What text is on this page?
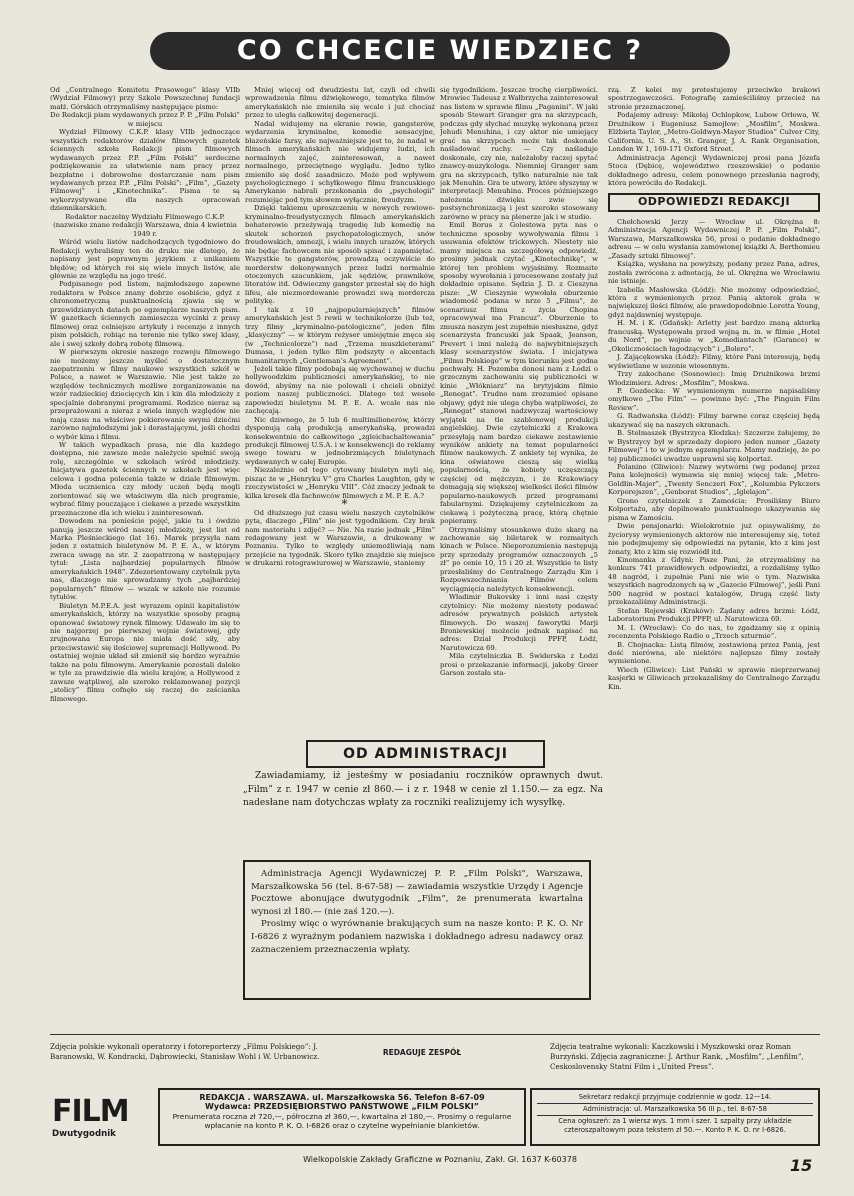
CO CHCECIE WIEDZIEC ?

Od „Centralnego Komitetu Prasowego” klasy VIIb (Wydział Filmowy) przy Szkole Powszechnej fundacji małż. Górskich otrzymaliśmy następujące pismo:

Do Redakcji pism wydawanych przez P. P. „Film Polski” w miejscu

Wydział Filmowy C.K.P. klasy VIIb jednoczące wszystkich redaktorów działów filmowych gazetek ściennych szkoła Redakcji pism filmowych wydawanych przez P.P. „Film Polski” serdeczne podziękowanie za ułatwienie nam pracy przez bezpłatne i dobrowolne dostarczanie nam pism wydawanych przez P.P. „Film Polski”: „Film”, „Gazety Filmowej” i „Kinotechnika”. Pisma te są wykorzystywane dla naszych opracowań dziennikarskich.

Redaktor naczelny Wydziału Filmowego C.K.P. (nazwisko znane redakcji) Warszawa, dnia 4 kwietnia 1949 r.

Wśród wielu listów nadchodzących tygodniowo do Redakcji wybraliśmy ten do druku nie dlatego, że napisany jest poprawnym językiem z unikaniem błędów; od których roi się wiele innych listów, ale głównie ze względu na jego treść.

Podpisanego pod listem, najmłodszego zapewne redaktora w Polsce znany dobrze osobiście, gdyż z chronometryczną punktualnością zjawia się w przewidzianych datach po egzemplarze naszych pism. W gazetkach ściennych zamieszcza wycinki z prasy filmowej oraz celniejsze artykuły i recenzje z innych pism polskich, robiąc na terenie nie tylko swej klasy, ale i swej szkoły dobrą robotę filmową.

W pierwszym okresie naszego rozwoju filmowego nie możemy jeszcze myśleć o dostatecznym zaopatrzeniu w filmy naukowe wszystkich szkół w Polsce, a nawet w Warszawie. Nie jest także ze względów technicznych możliwe zorganizowanie na wzór radzieckiej dziecięcych kin i kin dla młodzieży z specjalnie dobranymi programami. Rodzice nieraz są przeprażowani a nieraz z wiela innych względów nie mają czasu na właściwe pokierowanie swymi dziećmi zarówno najmłodszymi jak i dorastającymi, jeśli chodzi o wybór kina i filmu.

W takich wypadkach prasa, nie dla każdego dostępna, nie zawsze może należycie spełnić swoją rolę, szczególnie w szkołach wśród młodzieży. Inicjatywa gazetek ściennych w szkołach jest więc celowa i godna polecenia także w dziale filmowym. Młoda ucznienica czy młody uczeń będą mogli zorientować się we właściwym dla nich programie, wybrać filmy pouczające i ciekawe a przede wszystkim przeznaczone dla ich wieku i zainteresowań.

Dowodem na ponieście pojęć, jakie tu i ówdzie panują jeszcze wśród naszej młodzieży, jest list od Marka Pleśnieckiego (lat 16). Marek przysyła nam jeden z ostatnich biuletynów M. P. E. A., w którym zwraca uwagę na str. 2 zaopatrzoną w następujący tytuł: „Lista najbardziej popularnych filmów amerykańskich 1948”. Zdezorientowany czytelnik pyta nas, dlaczego nie sprowadzamy tych „najbardziej popularnych” filmów — wszak w szkole nie rozumie tytułów.

Biuletyn M.P.E.A. jest wyrazem opinii kapitalistów amerykańskich, którzy na wszystkie sposoby pragną opanować światowy rynek filmowy. Udawało im się to nie najgorzej po pierwszej wojnie światowej, gdy zrujnowana Europa nie miała dość siły, aby przeciwstawić się ilościowej supremacji Hollywood. Po ostatniej wojnie układ sił zmienił się bardzo wyraźnie także na polu filmowym. Amerykanie pozostali daleko w tyle za prawdziwie dla wielu krajów, a Hollywood z zawsze wątpliwej, ale szeroko reklamowanej pozycji „stolicy” filmu cofnęło się raczej do zaścianka filmowego.

Mniej więcej od dwudziestu lat, czyli od chwili wprowadzenia filmu dźwiękowego, tematyka filmów amerykańskich nie zmieniła się wcale i już chociaż przez to uległa całkowitej degeneracji.

Nadal widujemy na ekranie rewie, gangsterów, wydarzenia kryminalne, komedie sensacyjne, błazeńskie farsy, ale najważniejsze jest to, że nadal w filmach amerykańskich nie widujemy ludzi, ich normalnych zajęć, zainteresowań, a nawet normalnego, przeciętnego wyglądu. Jedno tylko zmieniło się dość zasadniczo. Może pod wpływem psychologicznego i schyłkowego filmu francuskiego Amerykanie nabrali przekonania do „psychologii” rozumiejąc pod tym słowem wyłącznie, freudyzm.

Dzięki takiemu uproszczeniu w nowych rewiowo-kryminalno-freudystycznych filmach amerykańskich bohaterowie przeżywają tragedię lub komedię na skutek schorzeń psychopatologicznych, snów freudowskich, amnezji, i wielu innych urazów, których nie będąc fachowcem nie sposób spisać i zapamiętać. Wszystkie te gangsterów, prowadzą oczywiście do morderstw dokonywanych przez ludzi normalnie otoczonych szacunkiem, jak sędziów, prawników, literatów itd. Odwieczny gangster przestał się do high lifeu, ale niezmordowanie prowadzi swą mordercza politykę.

I tak z 10 „najpopularniejszych” filmów amerykańskich jest 5 rewii w technikolorze (lub też, trzy filmy „kryminalno-patologiczne”, jeden film „klasyczny” — w którym reżyser umiejętnie znęca się (w „Technicolorze”) nad „Trzema muszkieterami” Dumasa, i jeden tylko film podszyty o akcentach humanitarnych „Gentleman’s Agreement”.

Jeżeli takie filmy podobają się wychowanej w duchu hollywoodzkim publiczności amerykańskiej, to nie dowód, abyśmy na nie polowali i chcieli obniżyć poziom naszej publiczności. Dlatego też wesołe zapowiedzi biuletynu M. P. E. A. wcale nas nie zachęcają.

Nic dziwnego, że 5 lub 6 multimilionerów, którzy dysponują całą produkcją amerykańską, prowadzi konsekwentnie do całkowitego „zgleichschaltowania” produkcji filmowej U.S.A. i w konsekwencji do reklamy swego towaru w jednobrzmiących biuletynach wydawanych w całej Europie.

Niezależnie od tego cytowany biuletyn myli się, pisząc że w „Henryku V” gra Charles Laughton, gdy w rzeczywistości w „Henryku VIII”. Cóż znaczy jednak te kilka kresek dla fachowców filmowych z M. P. E. A.?

*

Od dłuższego już czasu wielu naszych czytelników pyta, dlaczego „Film” nie jest tygodnikiem. Czy brak nam materiału i zdjęć? — Nie. Na razie jednak „Film” redagowany jest w Warszawie, a drukowany w Poznaniu. Tylko te względy uniemożliwiają nam przejście na tygodnik. Skoro tylko znajdzie się miejsce w drukarni rotograwiurowej w Warszawie, staniemy

się tygodnikiem. Jeszcze trochę cierpliwości. Mrowiec Tadeusz z Wałbrzycha zainteresował nas listem w sprawie filmu „Paganini”. W jaki sposób Stewart Granger gra na skrzypcach, podczas gdy słychać muzykę wykonaną przez Jehudi Menuhina, i czy aktor nie umiejący grać na skrzypcach może tak doskonale naśladować ruchy. — Czy naśladuje doskonale, czy nie, należałoby raczej spytać znawcy-muzykologa. Niemniej Granger sam gra na skrzypcach, tylko naturalnie nie tak jak Menuhin. Gra te utwory, które słyszymy w interpretacji Menuhina. Proces późniejszego nałożenia dźwięku zwie się postsynchronizacją i jest szeroko stosowany zarówno w pracy na plenerze jak i w studio.

Emil Borus z Golestowa pyta nas o techniczne sposoby wywoływania filmu i usuwania efektów trickowych. Niestety nie mamy miejsca na szczegółową odpowiedź, prosimy jednak czytać „Kinotechnikę”, w której ten problem wyjaśnimy. Rozmaite sposoby wywołania i procesowane zostały już dokładnie opisane. Sędzia J. D. z Cieszyna pisze: „W Cieszynie wywołała oburzenie wiadomość podana w nrze 5 „Filmu”, że scenariusz filmu z życia Chopina opracowywał ma Francuz”. Oburzenie to zmusza naszym jest zupełnie niesłuszne, gdyż scenarzysta francuski jak Spaak, Jeanson, Prevert i inni należą do najwybitniejszych klasy scenarzystów świata. I inicjatywa „Filmu Polskiego” w tym kierunku jest godna pochwały. H. Pozemba donosi nam z Łodzi o grzecznym zachowaniu się publiczności w kinie „Włókniarz” na brytyjskim filmie „Renegat”. Trudno nam zrozumieć opisane objawy, gdyż nie ulega chyba wątpliwości, że „Renegat” stanowi nadzwyczaj wartościowy wyjątek na tle szablonowej produkcji angielskiej. Dwie czytelniczki z Krakowa przesyłają nam bardzo ciekawe zestawienie wyników ankiety na temat popularności filmów naukowych. Z ankiety tej wynika, że kina oświatowe cieszą się wielką popularnością, że kobiety uczęszczają częściej od mężczyzn, i że Krakowiacy domagają się większej wielkości ilości filmów popularno-naukowych przed programami fabularnymi. Dziękujemy czytelniczkom za ciekawą i pożyteczną pracę, którą chętnie popieramy.

Otrzymaliśmy stosunkowo dużo skarg na zachowanie się biletarek w rozmaitych kinach w Polsce. Nieporozumienia następują przy sprzedaży programów oznaczonych „5 zł” po cenie 10, 15 i 20 zł. Wszystkie te listy przesłaliśmy do Centralnego Zarządu Kin i Rozpowszechniania Filmów celem wyciągnięcia należytych konsekwencji.

Władimir Bukovsky i inni nasi częsty czytelnicy: Nie możemy niestety podawać adresów prywatnych polskich artystek filmowych. Do waszej faworytki Marji Broniewskiej możecie jednak napisać na adres: Dział Produkcji PPFP, Łódź, Narutowicza 69.

Mila czytelniczka B. Świderska z Łodzi prosi o przekazanie informacji, jakoby Greer Garson została sta-

rzą. Z kolei my protestujemy przeciwko brakowi spostrzegawczości. Fotografię zamieściliśmy przecież na stronie przeznaczonej.

Podajemy adresy: Mikołaj Ochlopkow, Lubow Orłowa, W. Drużnikow i Eugeniusz Samojłow: „Mosfilm”, Moskwa. Elżbieta Taylor, „Metro-Goldwyn-Mayer Studios” Culver City, California, U. S. A., St. Granger, J. A. Rank Organisation, London W 1, 169-171 Oxford Street.

Administracja Agencji Wydawniczej prosi pana Józefa Stoca (Dębicę, województwo rzeszowskie) o podanie dokładnego adresu, celem ponownego przesłania nagrody, która powróciła do Redakcji.

ODPOWIEDZI REDAKCJI

Chełchowski Jerzy — Wrocław ul. Okrężna 8: Administracja Agencji Wydawniczej P. P. „Film Polski”, Warszawa, Marszałkowska 56, prosi o podanie dokładnego adresu — w celu wysłania zamówionej książki A. Berthomieu „Zasady sztuki filmowej”.

Książka, wysłana na powyższy, podany przez Pana, adres, została zwrócona z adnotacją, że ul. Okrężna we Wrocławiu nie istnieje.

Izabella Masłowska (Łódź): Nie możemy odpowiedzieć, która z wymienionych przez Panią aktorek grała w największej ilości filmów, ale prawdopodobnie Loretta Young, gdyż najdawniej występuje.

H. M. i K. (Gdańsk): Arletty jest bardzo znaną aktorką francuską. Występowała przed wojną m. in. w filmie „Hotel du Nord”, po wojnie w „Komediantach” (Garance) w „Okolicznościach łagodzących” i „Bolero”.

J. Zające̜kowska (Łódź): Filmy, które Pani interesują, będą wyświetlane w sezonie wiosennym.

Trzy zakochane (Sosnowiec): Imię Drużnikowa brzmi Włodzimierz. Adres: „Mosfilm”, Moskwa.

P. Gozdecka: W wymienionym numerze napisaliśmy omyłkowo „The Film” — powinno być: „The Pinguin Film Review”.

G. Radwańska (Łódź): Filmy barwne coraz częściej będą ukazywać się na naszych ekranach.

B. Stelmaszek (Bystrzyca Kłodzka): Szczerze żałujemy, że w Bystrzycy był w sprzedaży dopiero jeden numer „Gazety Filmowej” i to w jednym egzemplarzu. Mamy nadzieję, że po tej publiczności uwadze usprawni się kolportaż.

Polanino (Gliwice): Nazwy wytwórni (wg podanej przez Pana kolejności) wymawia się mniej więcej tak: „Metro-Goldłin-Majer”, „Twenty Senczeri Fox”, „Kolumbia Pykczers Korporejszen”, „Genborat Studios”, „Iglelajon”.

Grono czytelniczek z Zamościa: Prosiliśmy Biuro Kolportażu, aby dopilnowało punktualnego ukazywania się pisma w Zamościu.

Dwie pensjonarki: Wielokrotnie już opisywaliśmy, że życiorysy wymienionych aktorów nie interesujemy się, toteż nie podejmujemy się odpowiedzi na pytanie, kto z kim jest żonaty, kto z kim się rozwiódł itd.

Kinomanka z Gdyni: Pisze Pani, że otrzymaliśmy na konkurs 741 prawidłowych odpowiedzi, a rozdaliśmy tylko 48 nagród, i zupełnie Pani nie wie o tym. Nazwiska wszystkich nagrodzonych są w „Gazecie Filmowej”, jeśli Pani 500 nagród w postaci katalogów, Drugą część listy przekazaliśmy Administracji.

Stefan Rojewski (Kraków): Żądany adres brzmi: Łódź, Laboratorium Produkcji PPFP, ul. Narutowicza 69.

M. I. (Wrocław): Co do nas, to zgadzamy się z opinią recenzenta Polskiego Radio o „Trzech szturmie”.

B. Chojnacka: Listą filmów, zestawioną przez Panią, jest dość nierówna, ale niektóre najlepsze filmy zostały wymienione.

Wiech (Gliwice): List Pański w sprawie nieprzerwanej kasjerki w Gliwicach przekazaliśmy do Centralnego Zarządu Kin.

OD ADMINISTRACJI

Zawiadamiamy, iż jesteśmy w posiadaniu roczników oprawnych dwut. „Film” z r. 1947 w cenie zł 860.— i z r. 1948 w cenie zł 1.150.— za egz. Na nadesłane nam dotychczas wpłaty za roczniki realizujemy ich wysyłkę.

Administracja Agencji Wydawniczej P. P. „Film Polski”, Warszawa, Marszałkowska 56 (tel. 8-67-58) — zawiadamia wszystkie Urzędy i Agencje Pocztowe abonujące dwutygodnik „Film”, że prenumerata kwartalna wynosi zł 180.— (nie zaś 120.—).

Prosimy więc o wyrównanie brakujących sum na nasze konto: P. K. O. Nr I-6826 z wyraźnym podaniem nazwiska i dokładnego adresu nadawcy oraz zaznaczeniem przeznaczenia wpłaty.

Zdjęcia polskie wykonali operatorzy i fotoreporterzy „Filmu Polskiego”: J. Baranowski, W. Kondracki, Dąbrowiecki, Stanisław Wohl i W. Urbanowicz.	REDAGUJE ZESPÓŁ
Zdjęcia teatralne wykonali: Kaczkowski i Myszkowski oraz Roman Burzyński. Zdjęcia zagraniczne: J. Arthur Rank, „Mosfilm”, „Lenfilm”, Ceskoslovensky Statni Film i „United Press”.
FILM
Dwutygodnik
REDAKCJA . WARSZAWA. ul. Marszałkowska 56. Telefon 8-67-09
Wydawca: PRZEDSIĘBIORSTWO PAŃSTWOWE „FILM POLSKI”
Prenumerata roczna zł 720,—, półroczna zł 360,—, kwartalna zł 180,—. Prosimy o regularne wpłacanie na konto P. K. O. I-6826 oraz o czytelne wypełnianie blankietów.
Sekretarz redakcji przyjmuje codziennie w godz. 12—14.
Administracja: ul. Marszałkowska 56 III p., tel. 8-67-58
Cena ogłoszeń: za 1 wiersz wys. 1 mm i szer. 1 szpalty przy układzie czteroszpaltowym poza tekstem zł 50.—. Konto P. K. O. nr I-6826.
Wielkopolskie Zakłady Graficzne w Poznaniu, Zakł. Gł. 1637 K-60378	15
